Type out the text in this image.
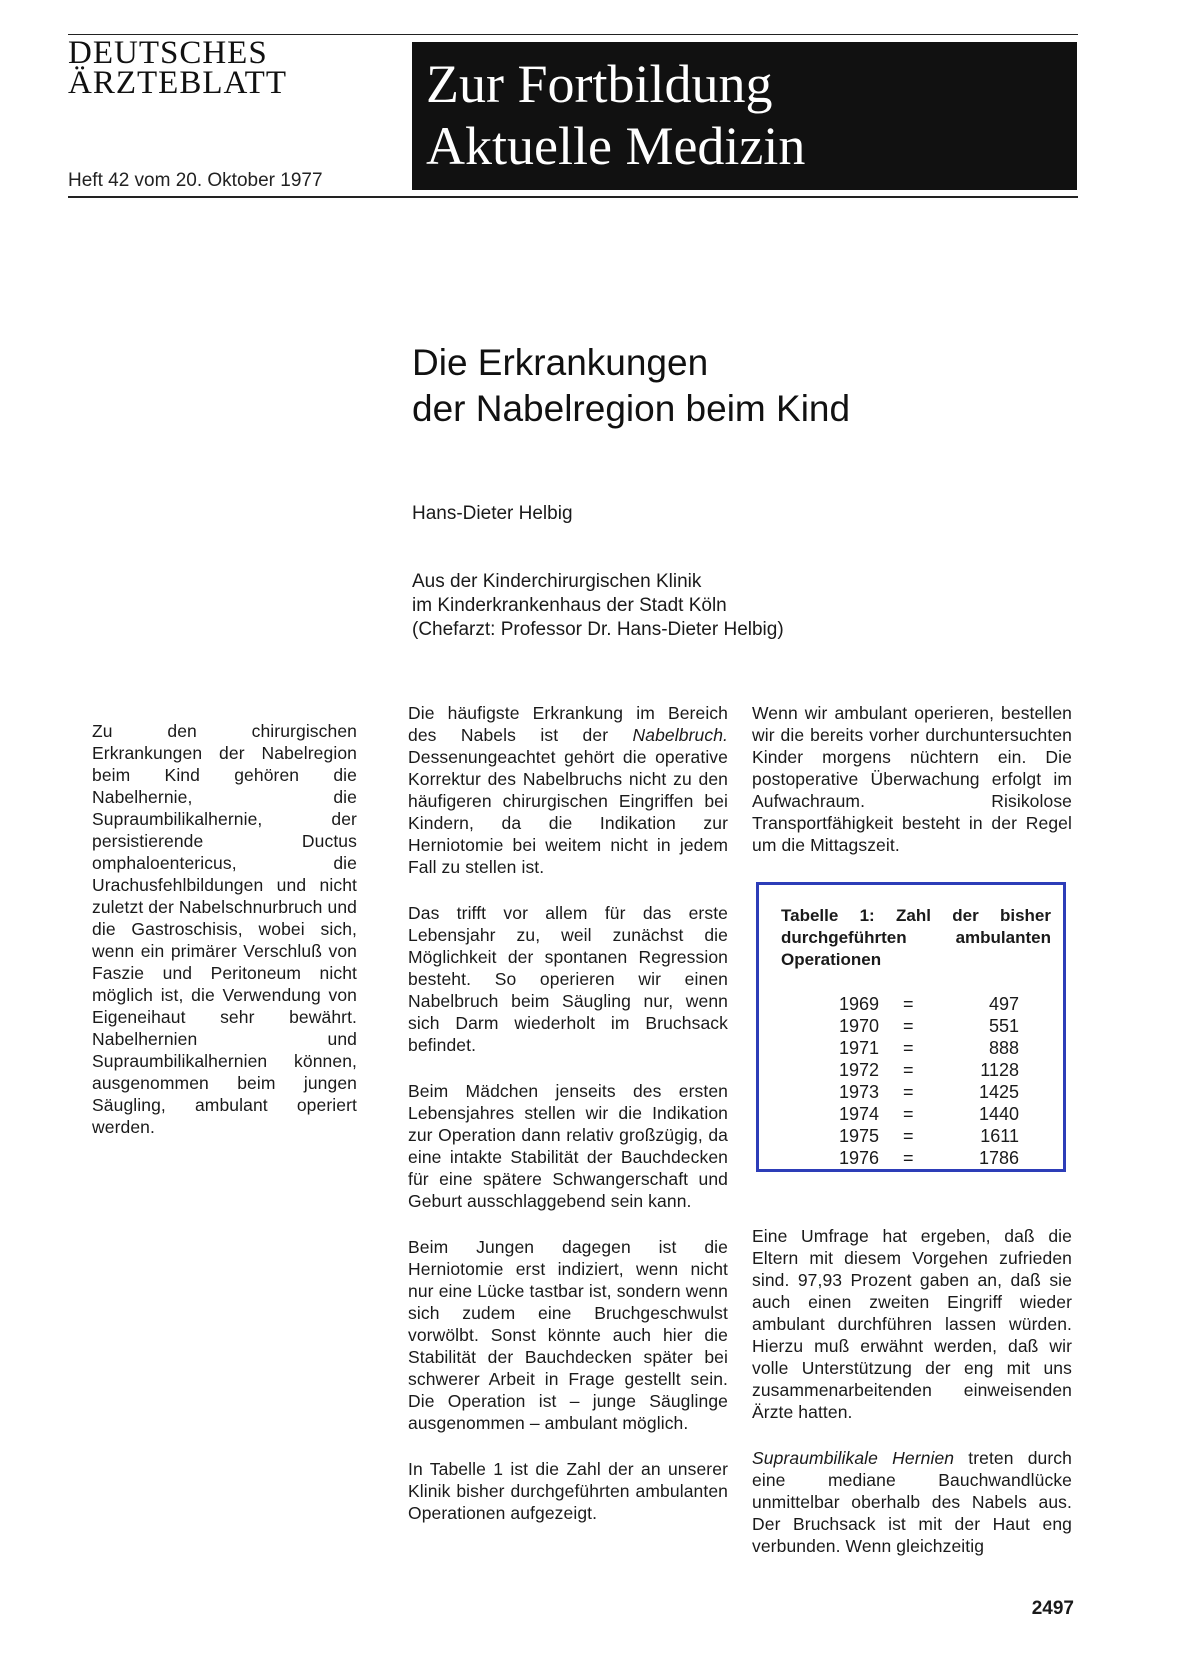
DEUTSCHES
ÄRZTEBLATT
Heft 42 vom 20. Oktober 1977
Zur Fortbildung
Aktuelle Medizin
Die Erkrankungen
der Nabelregion beim Kind
Hans-Dieter Helbig
Aus der Kinderchirurgischen Klinik
im Kinderkrankenhaus der Stadt Köln
(Chefarzt: Professor Dr. Hans-Dieter Helbig)

Zu den chirurgischen Erkrankungen der Nabelregion beim Kind gehören die Nabelhernie, die Supraumbilikalhernie, der persistierende Ductus omphaloentericus, die Urachusfehlbildungen und nicht zuletzt der Nabelschnurbruch und die Gastroschisis, wobei sich, wenn ein primärer Verschluß von Faszie und Peritoneum nicht möglich ist, die Verwendung von Eigeneihaut sehr bewährt. Nabelhernien und Supraumbilikalhernien können, ausgenommen beim jungen Säugling, ambulant operiert werden.

Die häufigste Erkrankung im Bereich des Nabels ist der Nabelbruch. Dessenungeachtet gehört die operative Korrektur des Nabelbruchs nicht zu den häufigeren chirurgischen Eingriffen bei Kindern, da die Indikation zur Herniotomie bei weitem nicht in jedem Fall zu stellen ist.

Das trifft vor allem für das erste Lebensjahr zu, weil zunächst die Möglichkeit der spontanen Regression besteht. So operieren wir einen Nabelbruch beim Säugling nur, wenn sich Darm wiederholt im Bruchsack befindet.

Beim Mädchen jenseits des ersten Lebensjahres stellen wir die Indikation zur Operation dann relativ großzügig, da eine intakte Stabilität der Bauchdecken für eine spätere Schwangerschaft und Geburt ausschlaggebend sein kann.

Beim Jungen dagegen ist die Herniotomie erst indiziert, wenn nicht nur eine Lücke tastbar ist, sondern wenn sich zudem eine Bruchgeschwulst vorwölbt. Sonst könnte auch hier die Stabilität der Bauchdecken später bei schwerer Arbeit in Frage gestellt sein. Die Operation ist – junge Säuglinge ausgenommen – ambulant möglich.

In Tabelle 1 ist die Zahl der an unserer Klinik bisher durchgeführten ambulanten Operationen aufgezeigt.

Wenn wir ambulant operieren, bestellen wir die bereits vorher durchuntersuchten Kinder morgens nüchtern ein. Die postoperative Überwachung erfolgt im Aufwachraum. Risikolose Transportfähigkeit besteht in der Regel um die Mittagszeit.

Tabelle 1: Zahl der bisher durchgeführten ambulanten Operationen
1969 =	497
1970 =	551
1971 =	888
1972 =	1128
1973 =	1425
1974 =	1440
1975 =	1611
1976 =	1786

Eine Umfrage hat ergeben, daß die Eltern mit diesem Vorgehen zufrieden sind. 97,93 Prozent gaben an, daß sie auch einen zweiten Eingriff wieder ambulant durchführen lassen würden. Hierzu muß erwähnt werden, daß wir volle Unterstützung der eng mit uns zusammenarbeitenden einweisenden Ärzte hatten.

Supraumbilikale Hernien treten durch eine mediane Bauchwandlücke unmittelbar oberhalb des Nabels aus. Der Bruchsack ist mit der Haut eng verbunden. Wenn gleichzeitig

2497
